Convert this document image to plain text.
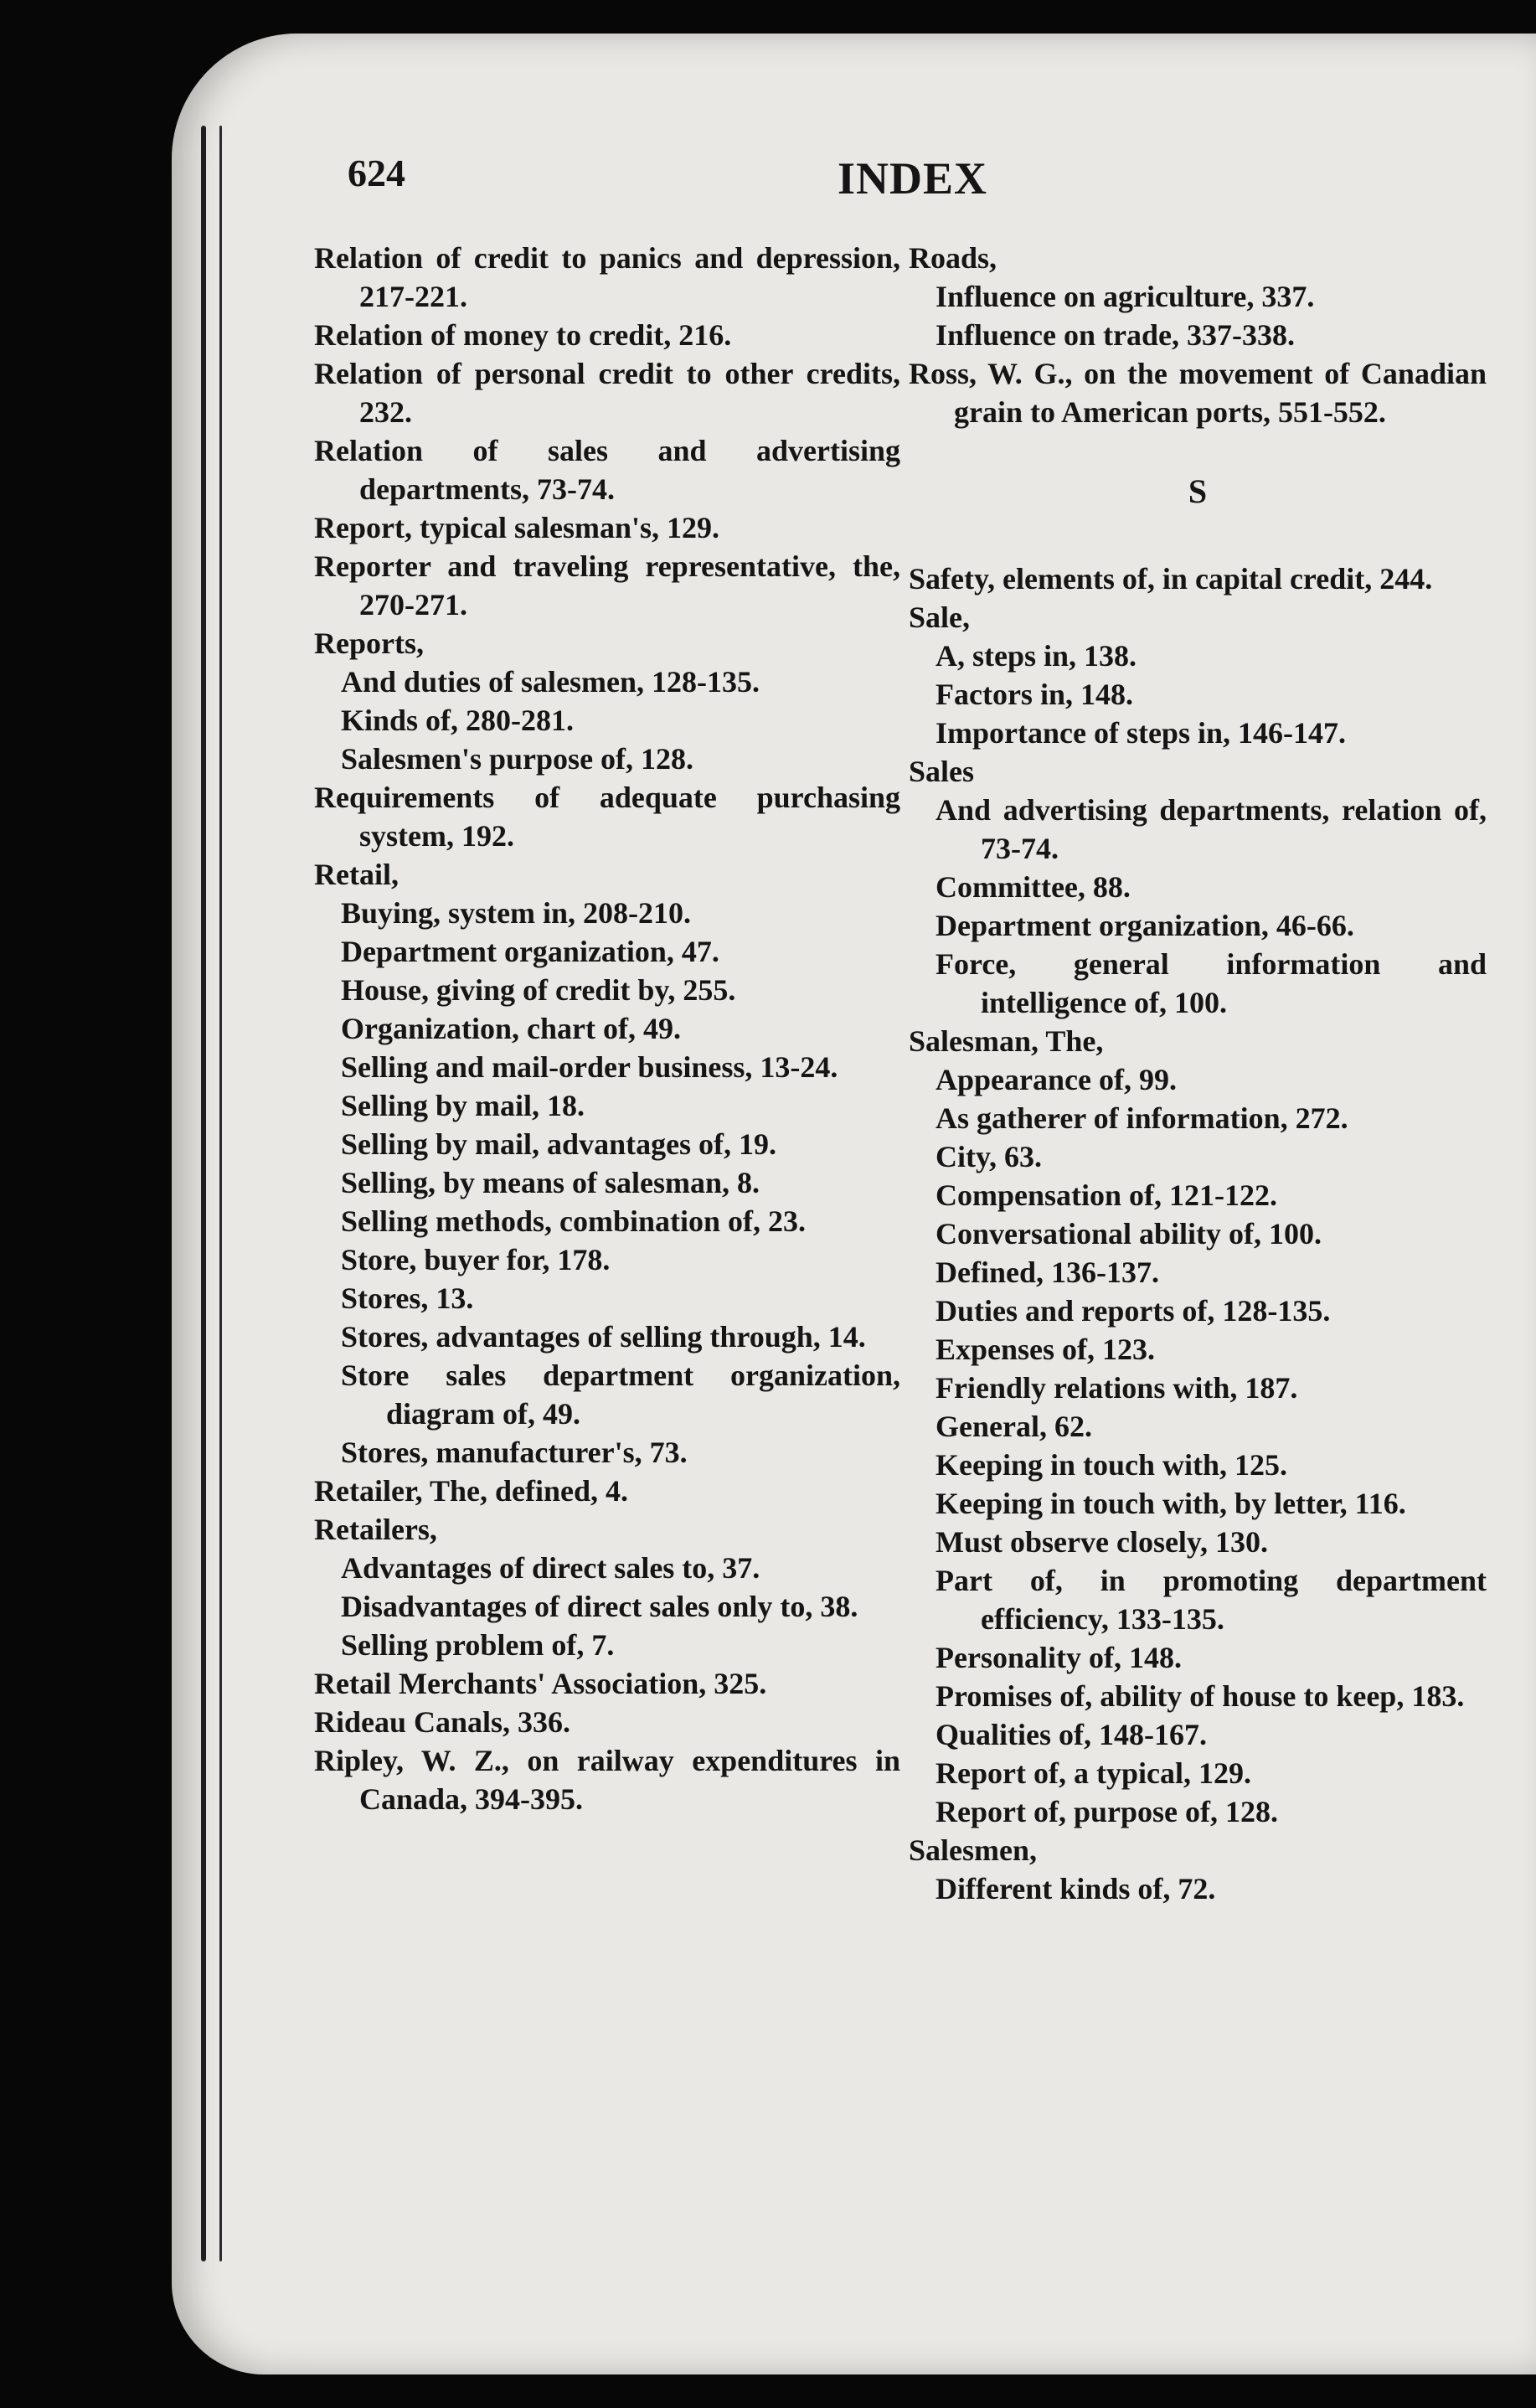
624	INDEX
Relation of credit to panics and depression, 217-221.
Relation of money to credit, 216.
Relation of personal credit to other credits, 232.
Relation of sales and advertising departments, 73-74.
Report, typical salesman's, 129.
Reporter and traveling representative, the, 270-271.
Reports,
And duties of salesmen, 128-135.
Kinds of, 280-281.
Salesmen's purpose of, 128.
Requirements of adequate purchasing system, 192.
Retail,
Buying, system in, 208-210.
Department organization, 47.
House, giving of credit by, 255.
Organization, chart of, 49.
Selling and mail-order business, 13-24.
Selling by mail, 18.
Selling by mail, advantages of, 19.
Selling, by means of salesman, 8.
Selling methods, combination of, 23.
Store, buyer for, 178.
Stores, 13.
Stores, advantages of selling through, 14.
Store sales department organization, diagram of, 49.
Stores, manufacturer's, 73.
Retailer, The, defined, 4.
Retailers,
Advantages of direct sales to, 37.
Disadvantages of direct sales only to, 38.
Selling problem of, 7.
Retail Merchants' Association, 325.
Rideau Canals, 336.
Ripley, W. Z., on railway expenditures in Canada, 394-395.
Roads,
Influence on agriculture, 337.
Influence on trade, 337-338.
Ross, W. G., on the movement of Canadian grain to American ports, 551-552.
S
Safety, elements of, in capital credit, 244.
Sale,
A, steps in, 138.
Factors in, 148.
Importance of steps in, 146-147.
Sales
And advertising departments, relation of, 73-74.
Committee, 88.
Department organization, 46-66.
Force, general information and intelligence of, 100.
Salesman, The,
Appearance of, 99.
As gatherer of information, 272.
City, 63.
Compensation of, 121-122.
Conversational ability of, 100.
Defined, 136-137.
Duties and reports of, 128-135.
Expenses of, 123.
Friendly relations with, 187.
General, 62.
Keeping in touch with, 125.
Keeping in touch with, by letter, 116.
Must observe closely, 130.
Part of, in promoting department efficiency, 133-135.
Personality of, 148.
Promises of, ability of house to keep, 183.
Qualities of, 148-167.
Report of, a typical, 129.
Report of, purpose of, 128.
Salesmen,
Different kinds of, 72.
